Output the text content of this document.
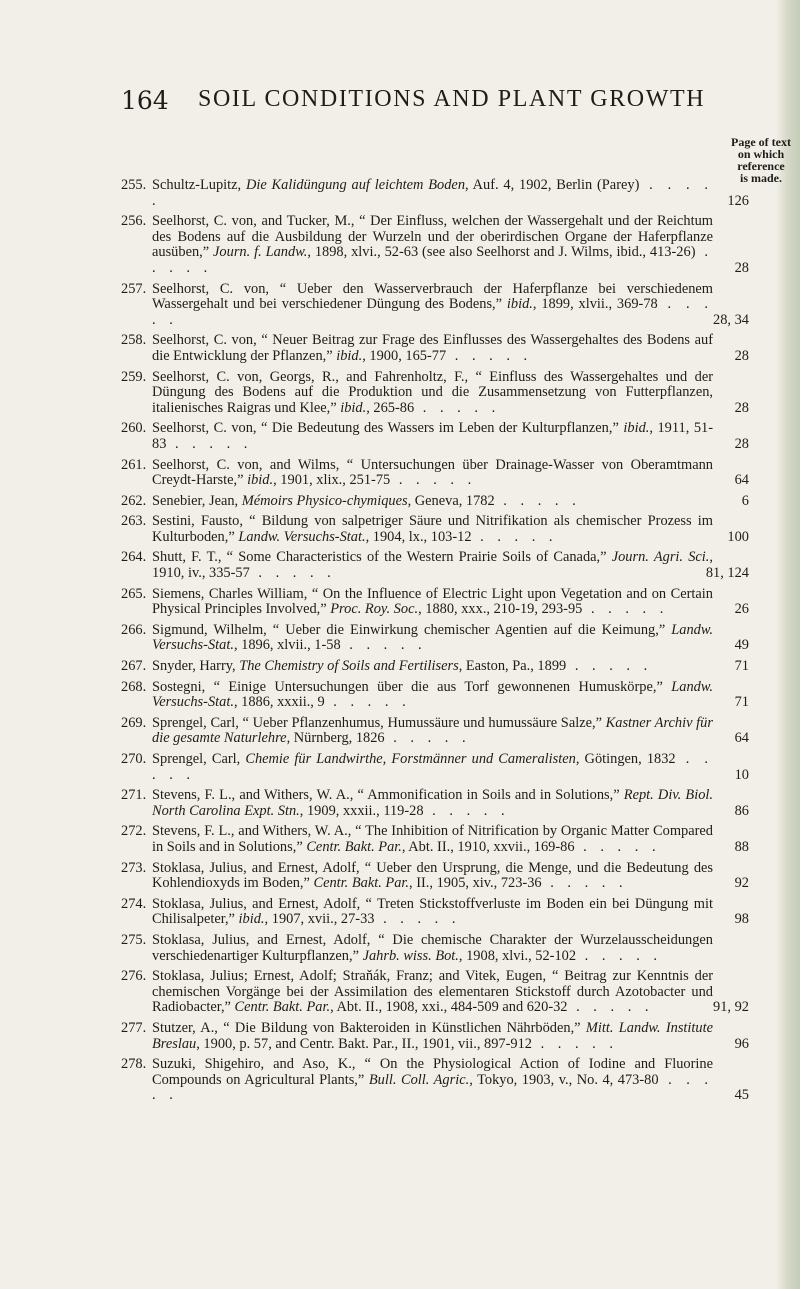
164 SOIL CONDITIONS AND PLANT GROWTH
Page of text
on which
reference
is made.
255. Schultz-Lupitz, Die Kalidüngung auf leichtem Boden, Auf. 4, 1902, Berlin (Parey) . . . . .	126
256. Seelhorst, C. von, and Tucker, M., “ Der Einfluss, welchen der Wassergehalt und der Reichtum des Bodens auf die Ausbildung der Wurzeln und der oberirdischen Organe der Haferpflanze ausüben,” Journ. f. Landw., 1898, xlvi., 52-63 (see also Seelhorst and J. Wilms, ibid., 413-26) . . . . .	28
257. Seelhorst, C. von, “ Ueber den Wasserverbrauch der Haferpflanze bei verschiedenem Wassergehalt und bei verschiedener Düngung des Bodens,” ibid., 1899, xlvii., 369-78 . . . . .	28, 34
258. Seelhorst, C. von, “ Neuer Beitrag zur Frage des Einflusses des Wassergehaltes des Bodens auf die Entwicklung der Pflanzen,” ibid., 1900, 165-77 . . . . .	28
259. Seelhorst, C. von, Georgs, R., and Fahrenholtz, F., “ Einfluss des Wassergehaltes und der Düngung des Bodens auf die Produktion und die Zusammensetzung von Futterpflanzen, italienisches Raigras und Klee,” ibid., 265-86 . . . . .	28
260. Seelhorst, C. von, “ Die Bedeutung des Wassers im Leben der Kulturpflanzen,” ibid., 1911, 51-83 . . . . .	28
261. Seelhorst, C. von, and Wilms, “ Untersuchungen über Drainage-Wasser von Oberamtmann Creydt-Harste,” ibid., 1901, xlix., 251-75 . . . . .	64
262. Senebier, Jean, Mémoirs Physico-chymiques, Geneva, 1782 . . . . .	6
263. Sestini, Fausto, “ Bildung von salpetriger Säure und Nitrifikation als chemischer Prozess im Kulturboden,” Landw. Versuchs-Stat., 1904, lx., 103-12 . . . . .	100
264. Shutt, F. T., “ Some Characteristics of the Western Prairie Soils of Canada,” Journ. Agri. Sci., 1910, iv., 335-57 . . . . .	81, 124
265. Siemens, Charles William, “ On the Influence of Electric Light upon Vegetation and on Certain Physical Principles Involved,” Proc. Roy. Soc., 1880, xxx., 210-19, 293-95 . . . . .	26
266. Sigmund, Wilhelm, “ Ueber die Einwirkung chemischer Agentien auf die Keimung,” Landw. Versuchs-Stat., 1896, xlvii., 1-58 . . . . .	49
267. Snyder, Harry, The Chemistry of Soils and Fertilisers, Easton, Pa., 1899 . . . . .	71
268. Sostegni, “ Einige Untersuchungen über die aus Torf gewonnenen Humuskörpe,” Landw. Versuchs-Stat., 1886, xxxii., 9 . . . . .	71
269. Sprengel, Carl, “ Ueber Pflanzenhumus, Humussäure und humussäure Salze,” Kastner Archiv für die gesamte Naturlehre, Nürnberg, 1826 . . . . .	64
270. Sprengel, Carl, Chemie für Landwirthe, Forstmänner und Cameralisten, Götingen, 1832 . . . . .	10
271. Stevens, F. L., and Withers, W. A., “ Ammonification in Soils and in Solutions,” Rept. Div. Biol. North Carolina Expt. Stn., 1909, xxxii., 119-28 . . . . .	86
272. Stevens, F. L., and Withers, W. A., “ The Inhibition of Nitrification by Organic Matter Compared in Soils and in Solutions,” Centr. Bakt. Par., Abt. II., 1910, xxvii., 169-86 . . . . .	88
273. Stoklasa, Julius, and Ernest, Adolf, “ Ueber den Ursprung, die Menge, und die Bedeutung des Kohlendioxyds im Boden,” Centr. Bakt. Par., II., 1905, xiv., 723-36 . . . . .	92
274. Stoklasa, Julius, and Ernest, Adolf, “ Treten Stickstoffverluste im Boden ein bei Düngung mit Chilisalpeter,” ibid., 1907, xvii., 27-33 . . . . .	98
275. Stoklasa, Julius, and Ernest, Adolf, “ Die chemische Charakter der Wurzelausscheidungen verschiedenartiger Kulturpflanzen,” Jahrb. wiss. Bot., 1908, xlvi., 52-102 . . . . .
276. Stoklasa, Julius; Ernest, Adolf; Straňák, Franz; and Vitek, Eugen, “ Beitrag zur Kenntnis der chemischen Vorgänge bei der Assimilation des elementaren Stickstoff durch Azotobacter und Radiobacter,” Centr. Bakt. Par., Abt. II., 1908, xxi., 484-509 and 620-32 . . . . .	91, 92
277. Stutzer, A., “ Die Bildung von Bakteroiden in Künstlichen Nährböden,” Mitt. Landw. Institute Breslau, 1900, p. 57, and Centr. Bakt. Par., II., 1901, vii., 897-912 . . . . .	96
278. Suzuki, Shigehiro, and Aso, K., “ On the Physiological Action of Iodine and Fluorine Compounds on Agricultural Plants,” Bull. Coll. Agric., Tokyo, 1903, v., No. 4, 473-80 . . . . .	45
